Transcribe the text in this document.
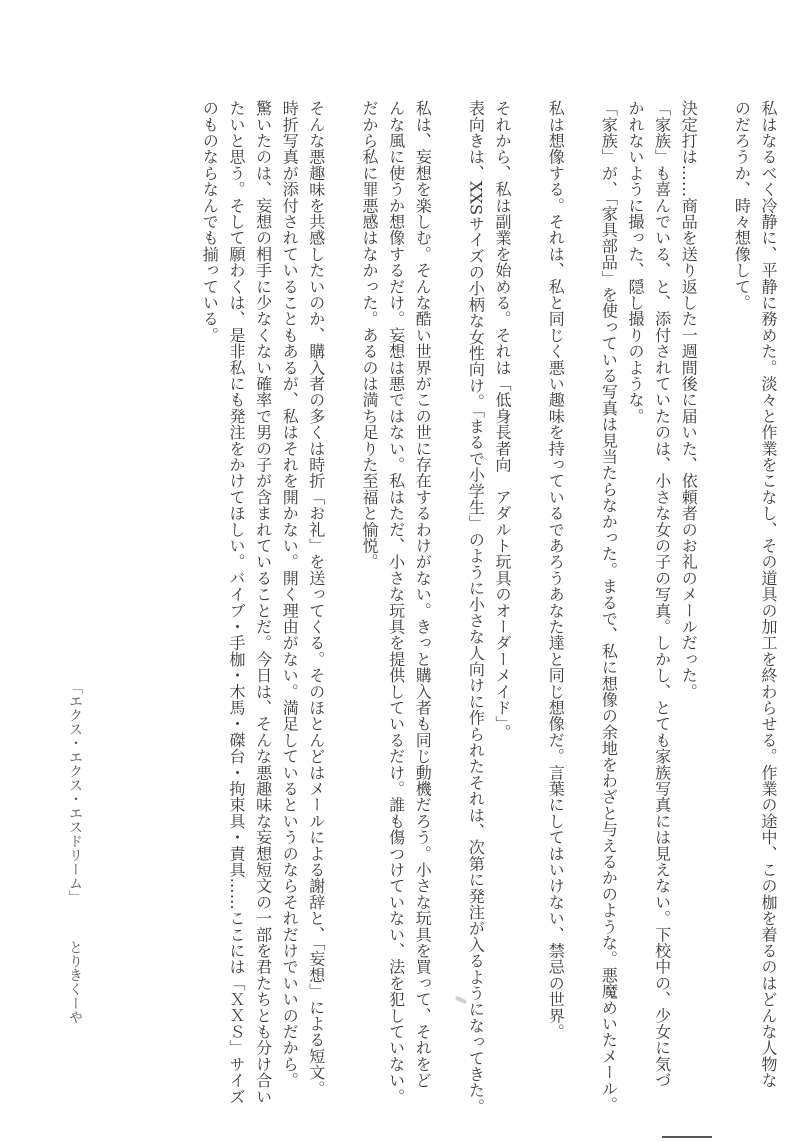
私はなるべく冷静に、平静に務めた。淡々と作業をこなし、その道具の加工を終わらせる。作業の途中、この枷を着るのはどんな人物な
のだろうか、時々想像して。
決定打は……商品を送り返した一週間後に届いた、依頼者のお礼のメールだった。
「家族」も喜んでいる、と、添付されていたのは、小さな女の子の写真。しかし、とても家族写真には見えない。下校中の、少女に気づ
かれないように撮った、隠し撮りのような。
「家族」が、「家具部品」を使っている写真は見当たらなかった。まるで、私に想像の余地をわざと与えるかのような。悪魔めいたメール。
私は想像する。それは、私と同じく悪い趣味を持っているであろうあなた達と同じ想像だ。言葉にしてはいけない、禁忌の世界。
それから、私は副業を始める。それは「低身長者向　アダルト玩具のオーダーメイド」。
表向きは、XXSサイズの小柄な女性向け。「まるで小学生」のように小さな人向けに作られたそれは、次第に発注が入るようになってきた。
私は、妄想を楽しむ。そんな酷い世界がこの世に存在するわけがない。きっと購入者も同じ動機だろう。小さな玩具を買って、それをど
んな風に使うか想像するだけ。妄想は悪ではない。私はただ、小さな玩具を提供しているだけ。誰も傷つけていない、法を犯していない。
だから私に罪悪感はなかった。あるのは満ち足りた至福と愉悦。
そんな悪趣味を共感したいのか、購入者の多くは時折「お礼」を送ってくる。そのほとんどはメールによる謝辞と、「妄想」による短文。
時折写真が添付されていることもあるが、私はそれを開かない。開く理由がない。満足しているというのならそれだけでいいのだから。
驚いたのは、妄想の相手に少なくない確率で男の子が含まれていることだ。今日は、そんな悪趣味な妄想短文の一部を君たちとも分け合い
たいと思う。そして願わくは、是非私にも発注をかけてほしい。バイブ・手枷・木馬・磔台・拘束具・責具……ここには「ＸＸＳ」サイズ
のものならなんでも揃っている。
「エクス・エクス・エスドリーム」 とりきくーや
